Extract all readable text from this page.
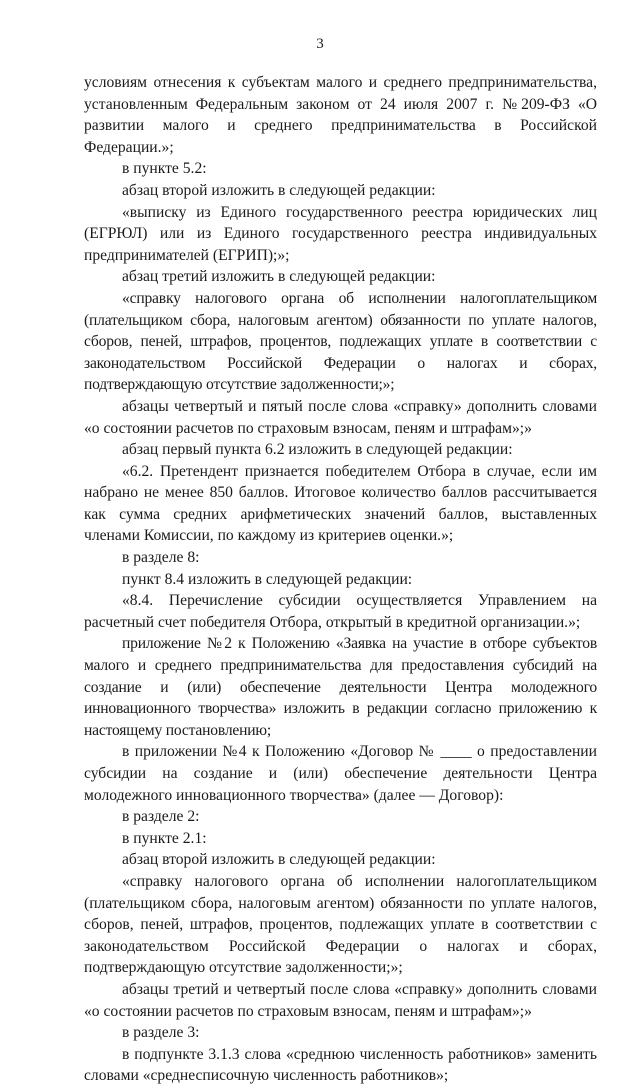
3

условиям отнесения к субъектам малого и среднего предпринимательства, установленным Федеральным законом от 24 июля 2007 г. №209-ФЗ «О развитии малого и среднего предпринимательства в Российской Федерации.»;

в пункте 5.2:

абзац второй изложить в следующей редакции:

«выписку из Единого государственного реестра юридических лиц (ЕГРЮЛ) или из Единого государственного реестра индивидуальных предпринимателей (ЕГРИП);»;

абзац третий изложить в следующей редакции:

«справку налогового органа об исполнении налогоплательщиком (плательщиком сбора, налоговым агентом) обязанности по уплате налогов, сборов, пеней, штрафов, процентов, подлежащих уплате в соответствии с законодательством Российской Федерации о налогах и сборах, подтверждающую отсутствие задолженности;»;

абзацы четвертый и пятый после слова «справку» дополнить словами «о состоянии расчетов по страховым взносам, пеням и штрафам»;»

абзац первый пункта 6.2 изложить в следующей редакции:

«6.2. Претендент признается победителем Отбора в случае, если им набрано не менее 850 баллов. Итоговое количество баллов рассчитывается как сумма средних арифметических значений баллов, выставленных членами Комиссии, по каждому из критериев оценки.»;

в разделе 8:

пункт 8.4 изложить в следующей редакции:

«8.4. Перечисление субсидии осуществляется Управлением на расчетный счет победителя Отбора, открытый в кредитной организации.»;

приложение №2 к Положению «Заявка на участие в отборе субъектов малого и среднего предпринимательства для предоставления субсидий на создание и (или) обеспечение деятельности Центра молодежного инновационного творчества» изложить в редакции согласно приложению к настоящему постановлению;

в приложении №4 к Положению «Договор № ____ о предоставлении субсидии на создание и (или) обеспечение деятельности Центра молодежного инновационного творчества» (далее — Договор):

в разделе 2:

в пункте 2.1:

абзац второй изложить в следующей редакции:

«справку налогового органа об исполнении налогоплательщиком (плательщиком сбора, налоговым агентом) обязанности по уплате налогов, сборов, пеней, штрафов, процентов, подлежащих уплате в соответствии с законодательством Российской Федерации о налогах и сборах, подтверждающую отсутствие задолженности;»;

абзацы третий и четвертый после слова «справку» дополнить словами «о состоянии расчетов по страховым взносам, пеням и штрафам»;»

в разделе 3:

в подпункте 3.1.3 слова «среднюю численность работников» заменить словами «среднесписочную численность работников»;
